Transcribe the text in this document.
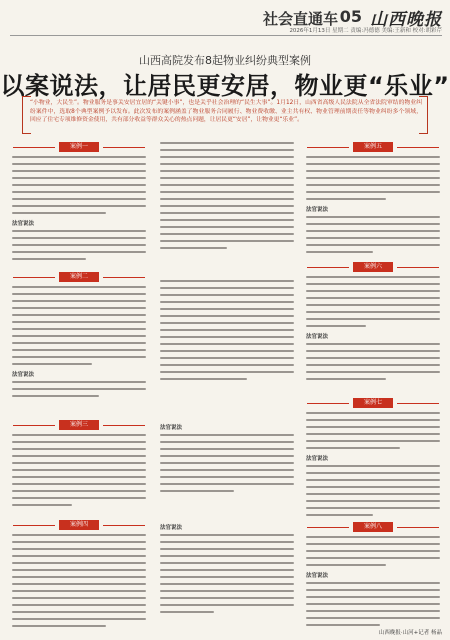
社会直通车 05 山西晚报
2026年1月13日 星期二 责编:冯德德 美编:王新和 校对:胡彩芹
山西高院发布8起物业纠纷典型案例
以案说法，让居民更安居，物业更“乐业”
“小物业，大民生”。物业服务是事关安居宜居的“关键小事”，也是关乎社会治理的“民生大事”。1月12日，山西省高级人民法院从全省法院审结的物业纠纷案件中，选取8个典型案例予以发布。此次发布的案例涵盖了物业服务合同履行、物业费收缴、业主共有权、物业管理前期责任等物业纠纷多个领域，回应了住宅专项维修资金使用，共有部分收益等群众关心的热点问题，让居民更“安居”，让物业更“乐业”。
案例一
法官说法
案例二
法官说法
案例三
案例四
法官说法
法官说法
案例五
法官说法
案例六
法官说法
案例七
法官说法
案例八
法官说法
山西晚报·山河+记者 杨晶
